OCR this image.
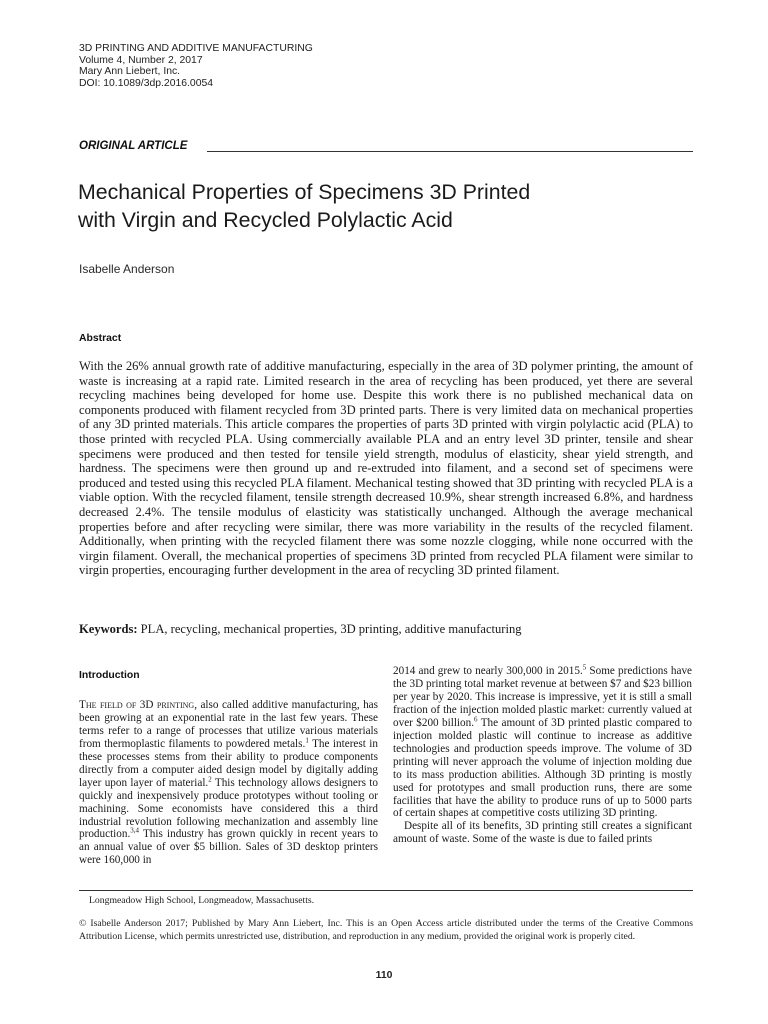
3D PRINTING AND ADDITIVE MANUFACTURING
Volume 4, Number 2, 2017
Mary Ann Liebert, Inc.
DOI: 10.1089/3dp.2016.0054
ORIGINAL ARTICLE
Mechanical Properties of Specimens 3D Printed
with Virgin and Recycled Polylactic Acid
Isabelle Anderson
Abstract

With the 26% annual growth rate of additive manufacturing, especially in the area of 3D polymer printing, the amount of waste is increasing at a rapid rate. Limited research in the area of recycling has been produced, yet there are several recycling machines being developed for home use. Despite this work there is no published mechanical data on components produced with filament recycled from 3D printed parts. There is very limited data on mechanical properties of any 3D printed materials. This article compares the properties of parts 3D printed with virgin polylactic acid (PLA) to those printed with recycled PLA. Using commercially available PLA and an entry level 3D printer, tensile and shear specimens were produced and then tested for tensile yield strength, modulus of elasticity, shear yield strength, and hardness. The specimens were then ground up and re-extruded into filament, and a second set of specimens were produced and tested using this recycled PLA filament. Mechanical testing showed that 3D printing with recycled PLA is a viable option. With the recycled filament, tensile strength decreased 10.9%, shear strength increased 6.8%, and hardness decreased 2.4%. The tensile modulus of elasticity was statistically unchanged. Although the average mechanical properties before and after recycling were similar, there was more variability in the results of the recycled filament. Additionally, when printing with the recycled filament there was some nozzle clogging, while none occurred with the virgin filament. Overall, the mechanical properties of specimens 3D printed from recycled PLA filament were similar to virgin properties, encouraging further development in the area of recycling 3D printed filament.

Keywords: PLA, recycling, mechanical properties, 3D printing, additive manufacturing
Introduction

The field of 3D printing, also called additive manufacturing, has been growing at an exponential rate in the last few years. These terms refer to a range of processes that utilize various materials from thermoplastic filaments to powdered metals.$^1$ The interest in these processes stems from their ability to produce components directly from a computer aided design model by digitally adding layer upon layer of material.$^2$ This technology allows designers to quickly and inexpensively produce prototypes without tooling or machining. Some economists have considered this a third industrial revolution following mechanization and assembly line production.$^{3,4}$ This industry has grown quickly in recent years to an annual value of over $5 billion. Sales of 3D desktop printers were 160,000 in

2014 and grew to nearly 300,000 in 2015.$^5$ Some predictions have the 3D printing total market revenue at between $7 and $23 billion per year by 2020. This increase is impressive, yet it is still a small fraction of the injection molded plastic market: currently valued at over $200 billion.$^6$ The amount of 3D printed plastic compared to injection molded plastic will continue to increase as additive technologies and production speeds improve. The volume of 3D printing will never approach the volume of injection molding due to its mass production abilities. Although 3D printing is mostly used for prototypes and small production runs, there are some facilities that have the ability to produce runs of up to 5000 parts of certain shapes at competitive costs utilizing 3D printing.

Despite all of its benefits, 3D printing still creates a significant amount of waste. Some of the waste is due to failed prints

Longmeadow High School, Longmeadow, Massachusetts.

© Isabelle Anderson 2017; Published by Mary Ann Liebert, Inc. This is an Open Access article distributed under the terms of the Creative Commons Attribution License, which permits unrestricted use, distribution, and reproduction in any medium, provided the original work is properly cited.

110
